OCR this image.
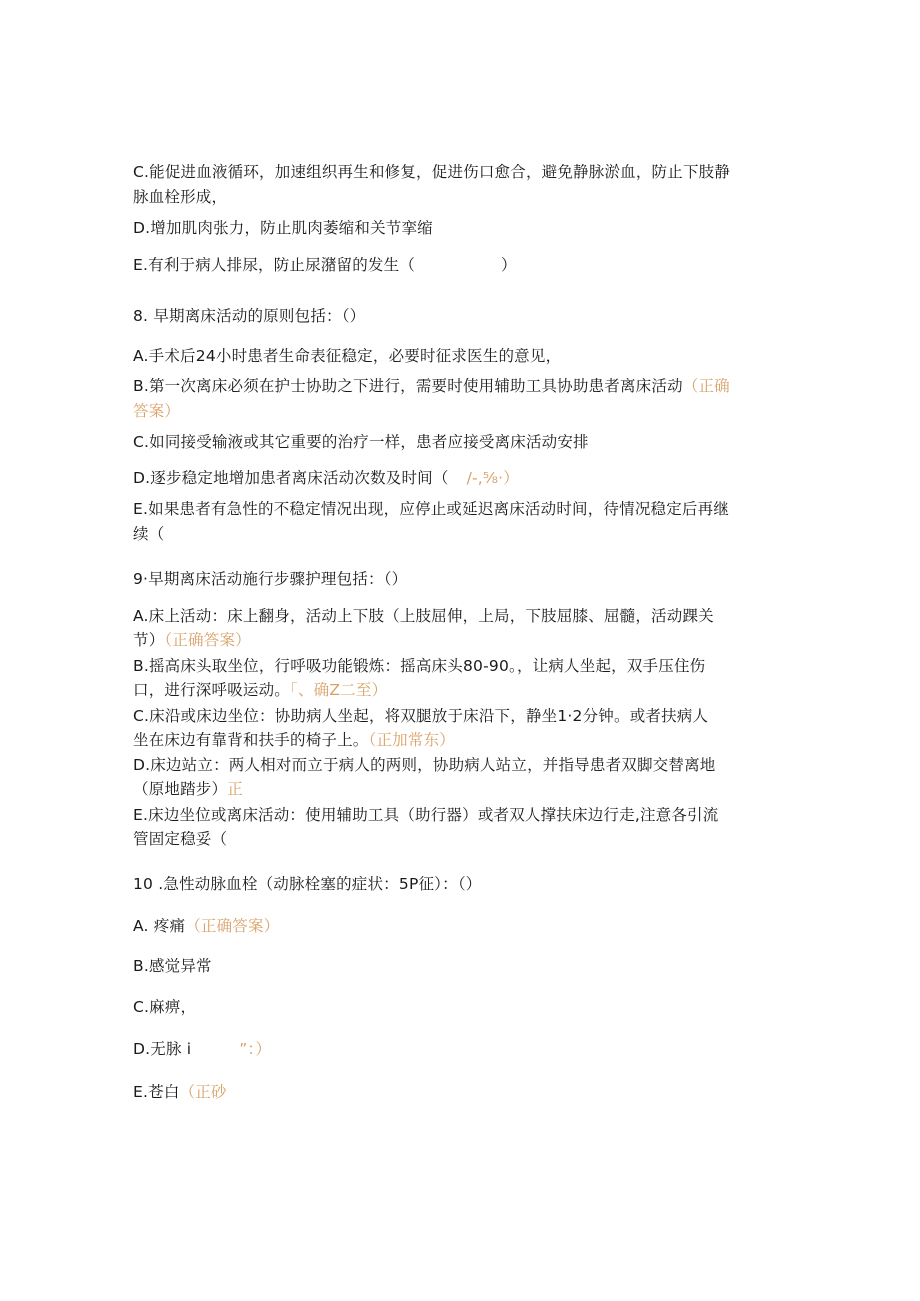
C.能促进血液循环，加速组织再生和修复，促进伤口愈合，避免静脉淤血，防止下肢静
脉血栓形成，
D.增加肌肉张力，防止肌肉萎缩和关节挛缩
E.有利于病人排尿，防止尿潴留的发生（	）
8. 早期离床活动的原则包括：（）
A.手术后24小时患者生命表征稳定，必要时征求医生的意见，
B.第一次离床必须在护士协助之下进行，需要时使用辅助工具协助患者离床活动（正确
答案）
C.如同接受输液或其它重要的治疗一样，患者应接受离床活动安排
D.逐步稳定地增加患者离床活动次数及时间（ /-,⅝·）
E.如果患者有急性的不稳定情况出现，应停止或延迟离床活动时间，待情况稳定后再继
续（
9·早期离床活动施行步骤护理包括：（）
A.床上活动：床上翻身，活动上下肢（上肢屈伸，上局，下肢屈膝、屈髓，活动踝关
节）（正确答案）
B.摇高床头取坐位，行呼吸功能锻炼：摇高床头80-90。，让病人坐起，双手压住伤
口，进行深呼吸运动。「、确Z二至）
C.床沿或床边坐位：协助病人坐起，将双腿放于床沿下，静坐1·2分钟。或者扶病人
坐在床边有靠背和扶手的椅子上。（正加常东）
D.床边站立：两人相对而立于病人的两则，协助病人站立，并指导患者双脚交替离地
（原地踏步）正
E.床边坐位或离床活动：使用辅助工具（助行器）或者双人撑扶床边行走,注意各引流
管固定稳妥（
10 .急性动脉血栓（动脉栓塞的症状：5P征）：（）
A. 疼痛（正确答案）
B.感觉异常
C.麻痹，
D.无脉 i	”：）
E.苍白（正砂
